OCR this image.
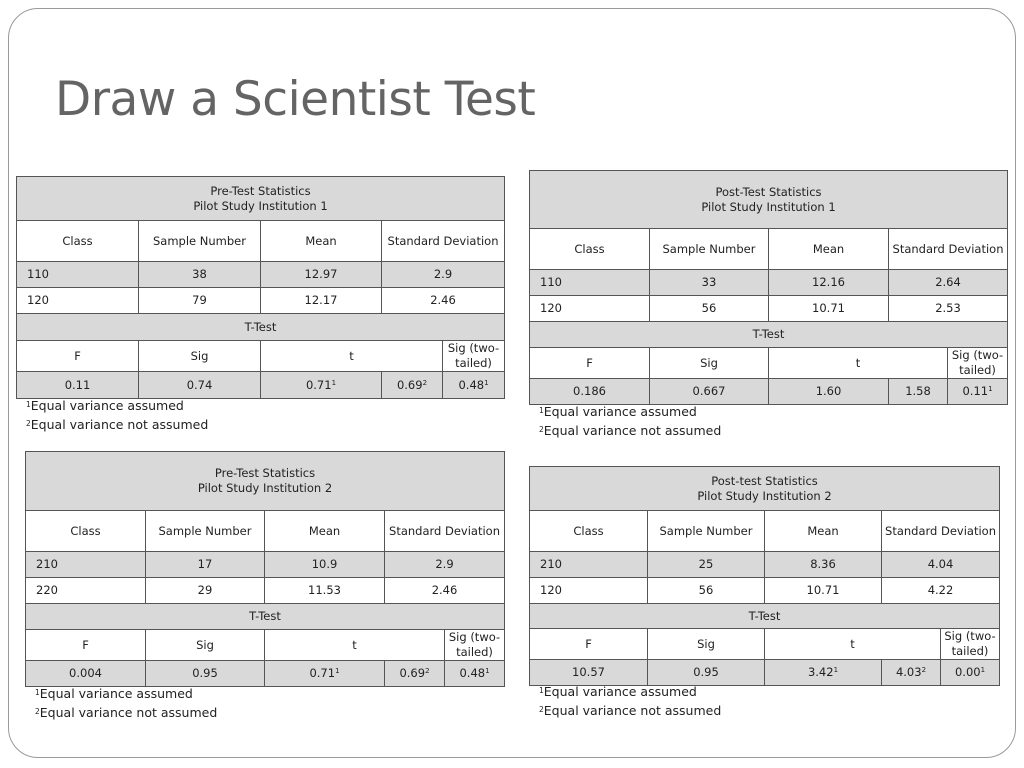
Draw a Scientist Test
Pre-Test Statistics
Pilot Study Institution 1					
Class	Sample Number	Mean	Standard Deviation		
110	38	12.97	2.9		
120	79	12.17	2.46		
T-Test					
F	Sig	t		Sig (two-tailed)	
0.11	0.74	0.71$^1$	0.69$^2$	0.48$^1$	
$^1$Equal variance assumed
$^2$Equal variance not assumed
Post-Test Statistics
Pilot Study Institution 1					
Class	Sample Number	Mean	Standard Deviation		
110	33	12.16	2.64		
120	56	10.71	2.53		
T-Test					
F	Sig	t		Sig (two-tailed)	
0.186	0.667	1.60	1.58	0.11$^1$	
$^1$Equal variance assumed
$^2$Equal variance not assumed
Pre-Test Statistics
Pilot Study Institution 2					
Class	Sample Number	Mean	Standard Deviation		
210	17	10.9	2.9		
220	29	11.53	2.46		
T-Test					
F	Sig	t		Sig (two-tailed)	
0.004	0.95	0.71$^1$	0.69$^2$	0.48$^1$	
$^1$Equal variance assumed
$^2$Equal variance not assumed
Post-test Statistics
Pilot Study Institution 2					
Class	Sample Number	Mean	Standard Deviation		
210	25	8.36	4.04		
120	56	10.71	4.22		
T-Test					
F	Sig	t		Sig (two-tailed)	
10.57	0.95	3.42$^1$	4.03$^2$	0.00$^1$	
$^1$Equal variance assumed
$^2$Equal variance not assumed
